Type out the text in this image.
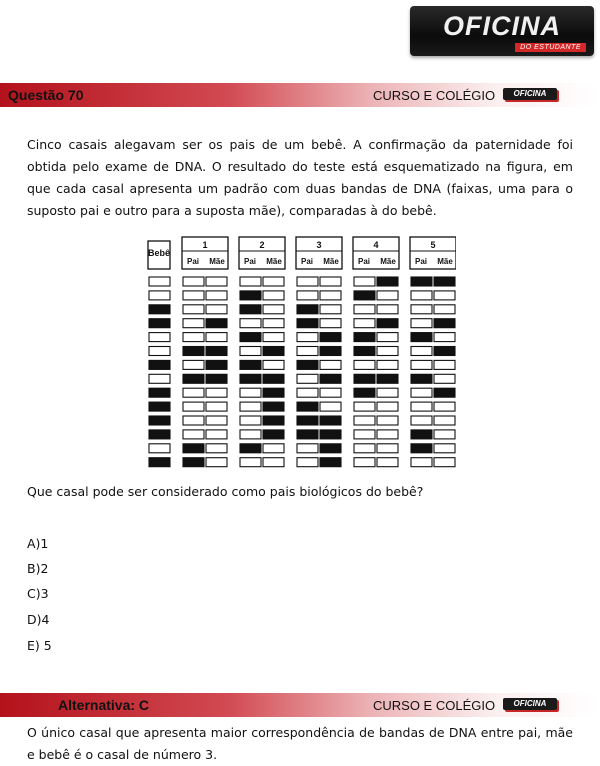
OFICINA
DO ESTUDANTE
Questão 70	CURSO E COLÉGIO	OFICINA
Cinco casais alegavam ser os pais de um bebê. A confirmação da paternidade foi obtida pelo exame de DNA. O resultado do teste está esquematizado na figura, em que cada casal apresenta um padrão com duas bandas de DNA (faixas, uma para o suposto pai e outro para a suposta mãe), comparadas à do bebê.
Bebê
1
Pai Mãe
2
Pai Mãe
3
Pai Mãe
4
Pai Mãe
5
Pai Mãe
Que casal pode ser considerado como pais biológicos do bebê?
A)1
B)2
C)3
D)4
E) 5
Alternativa: C	CURSO E COLÉGIO	OFICINA
O único casal que apresenta maior correspondência de bandas de DNA entre pai, mãe e bebê é o casal de número 3.
